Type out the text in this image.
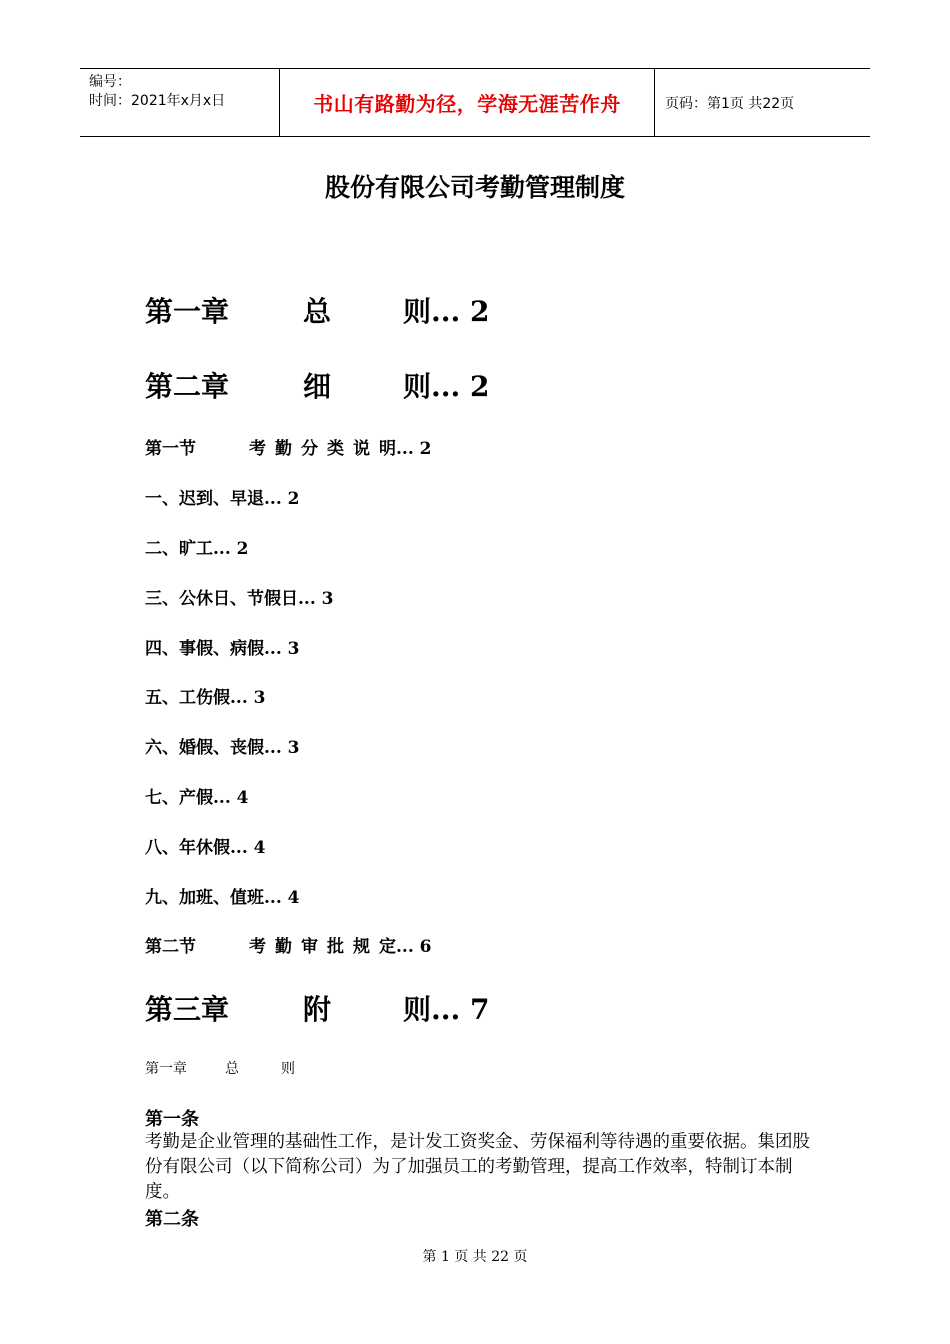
编号：
时间：2021年x月x日	书山有路勤为径，学海无涯苦作舟	页码：第1页 共22页
股份有限公司考勤管理制度
第一章	总	则... 2
第二章	细	则... 2
第一节	考勤分类说 明... 2
一、迟到、早退... 2
二、旷工... 2
三、公休日、节假日... 3
四、事假、病假... 3
五、工伤假... 3
六、婚假、丧假... 3
七、产假... 4
八、年休假... 4
九、加班、值班... 4
第二节	考勤审批规 定... 6
第三章	附	则... 7
第一章	总	则
第一条
考勤是企业管理的基础性工作，是计发工资奖金、劳保福利等待遇的重要依据。集团股份有限公司（以下简称公司）为了加强员工的考勤管理，提高工作效率，特制订本制度。
第二条
第 1 页 共 22 页
